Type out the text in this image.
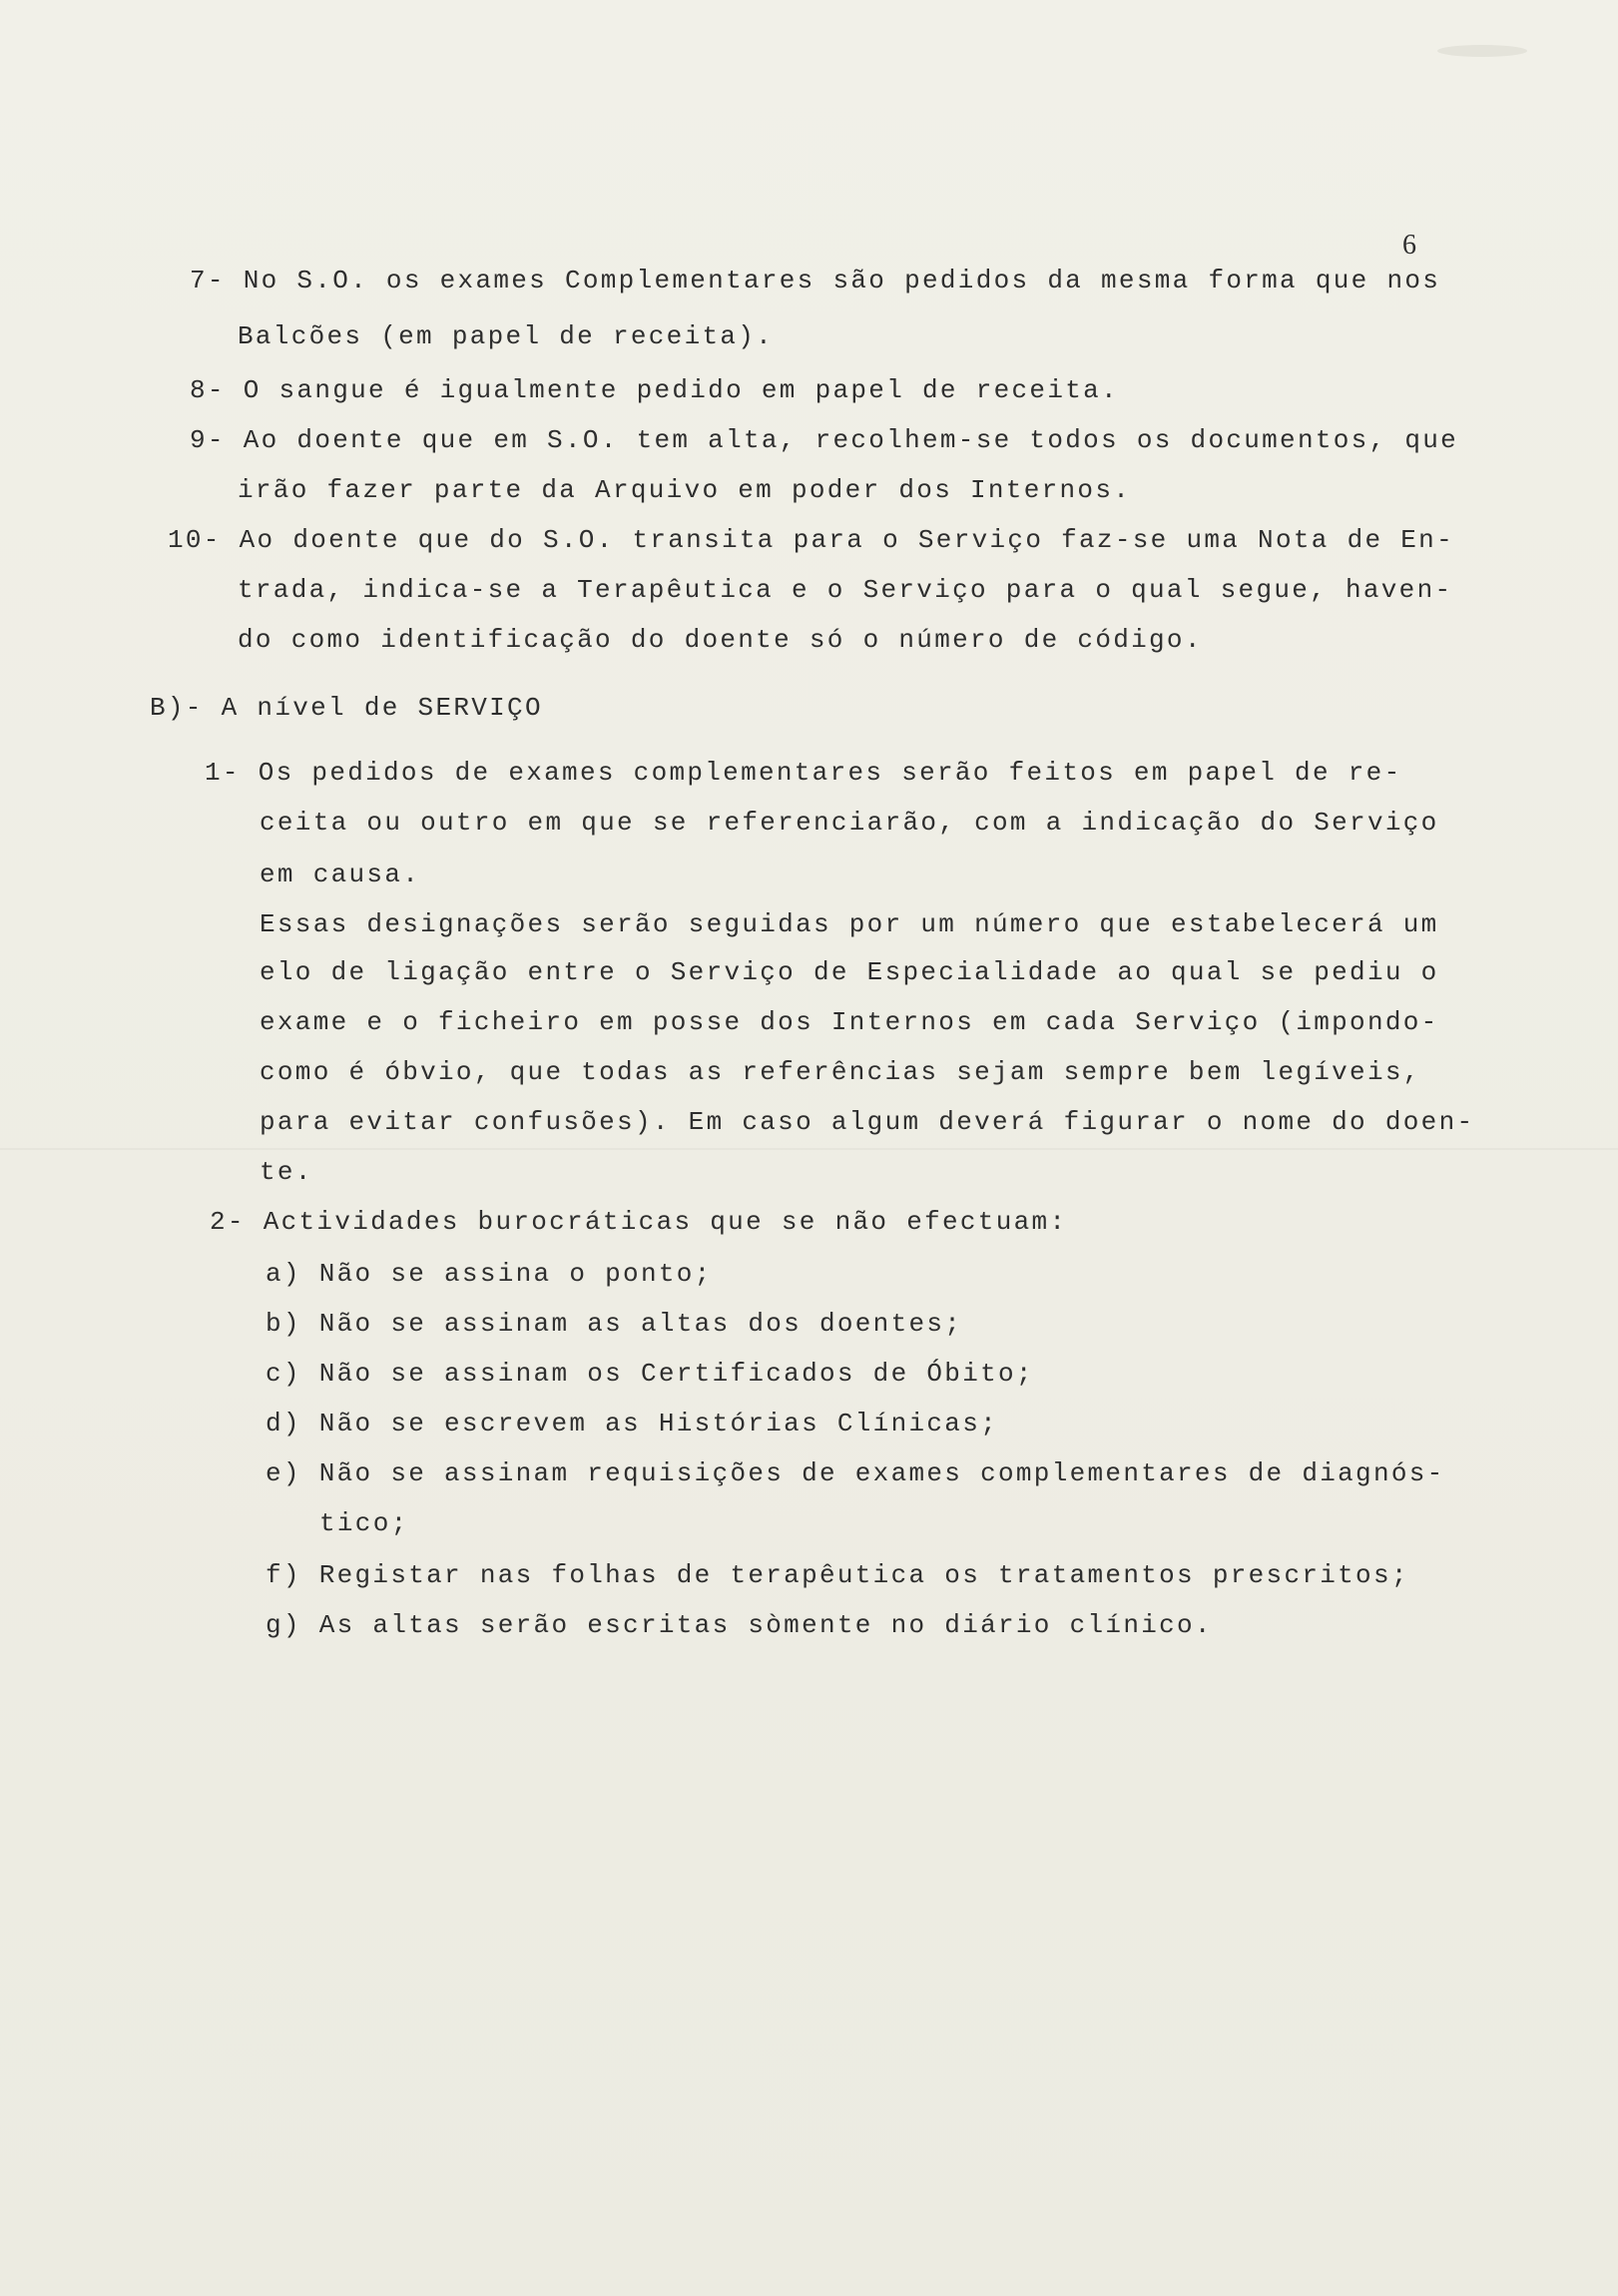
6
7- No S.O. os exames Complementares são pedidos da mesma forma que nos
Balcões (em papel de receita).
8- O sangue é igualmente pedido em papel de receita.
9- Ao doente que em S.O. tem alta, recolhem-se todos os documentos, que
irão fazer parte da Arquivo em poder dos Internos.
10- Ao doente que do S.O. transita para o Serviço faz-se uma Nota de En-
trada, indica-se a Terapêutica e o Serviço para o qual segue, haven-
do como identificação do doente só o número de código.
B)- A nível de SERVIÇO
1- Os pedidos de exames complementares serão feitos em papel de re-
ceita ou outro em que se referenciarão, com a indicação do Serviço
em causa.
Essas designações serão seguidas por um número que estabelecerá um
elo de ligação entre o Serviço de Especialidade ao qual se pediu o
exame e o ficheiro em posse dos Internos em cada Serviço (impondo-
como é óbvio, que todas as referências sejam sempre bem legíveis,
para evitar confusões). Em caso algum deverá figurar o nome do doen-
te.
2- Actividades burocráticas que se não efectuam:
a) Não se assina o ponto;
b) Não se assinam as altas dos doentes;
c) Não se assinam os Certificados de Óbito;
d) Não se escrevem as Histórias Clínicas;
e) Não se assinam requisições de exames complementares de diagnós-
tico;
f) Registar nas folhas de terapêutica os tratamentos prescritos;
g) As altas serão escritas sòmente no diário clínico.
